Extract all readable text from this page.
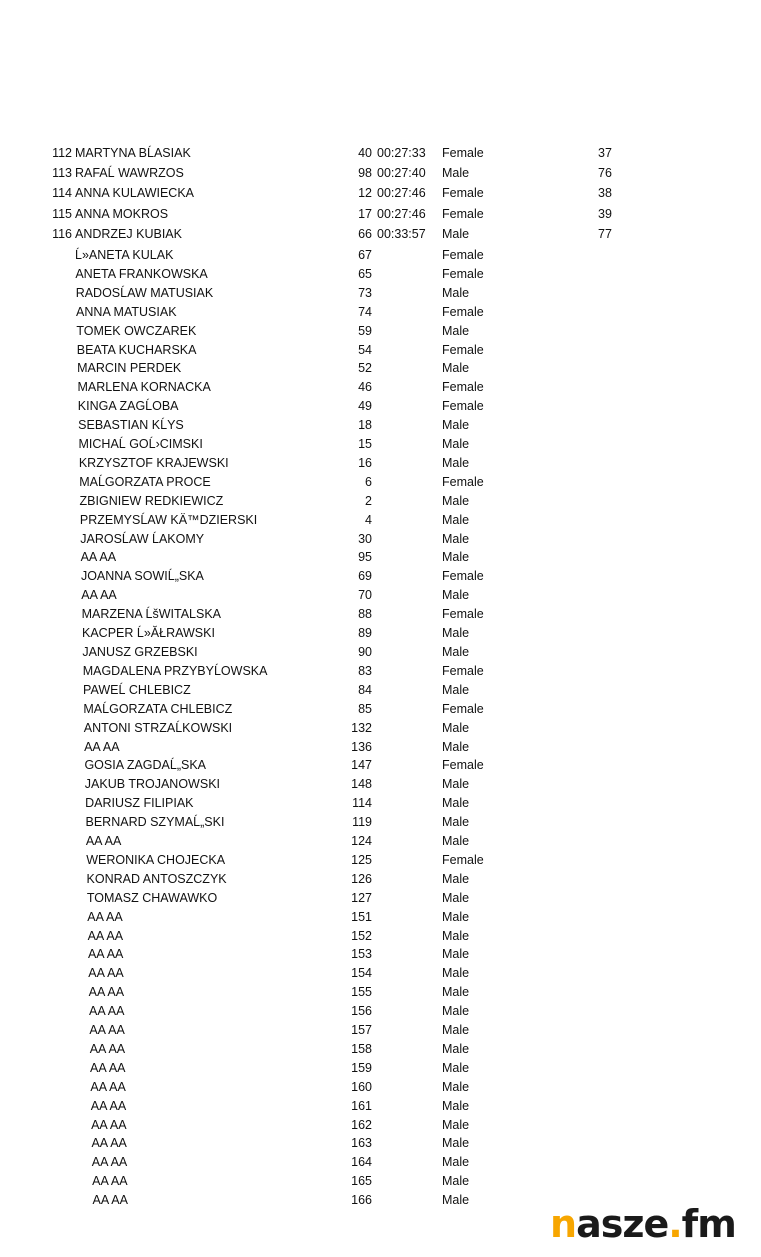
112 MARTYNA BĹASIAK	40 00:27:33 Female	37
113 RAFAĹ WAWRZOS	98 00:27:40 Male	76
114 ANNA KULAWIECKA	12 00:27:46 Female	38
115 ANNA MOKROS	17 00:27:46 Female	39
116 ANDRZEJ KUBIAK	66 00:33:57 Male	77
Ĺ»ANETA KULAK	67	Female
ANETA FRANKOWSKA	65	Female
RADOSĹAW MATUSIAK	73	Male
ANNA MATUSIAK	74	Female
TOMEK OWCZAREK	59	Male
BEATA KUCHARSKA	54	Female
MARCIN PERDEK	52	Male
MARLENA KORNACKA	46	Female
KINGA ZAGĹOBA	49	Female
SEBASTIAN KĹYS	18	Male
MICHAĹ GOĹ›CIMSKI	15	Male
KRZYSZTOF KRAJEWSKI	16	Male
MAĹGORZATA PROCE	6	Female
ZBIGNIEW REDKIEWICZ	2	Male
PRZEMYSĹAW KÄ™DZIERSKI	4	Male
JAROSĹAW ĹAKOMY	30	Male
AA AA	95	Male
JOANNA SOWIĹ„SKA	69	Female
AA AA	70	Male
MARZENA ĹšWITALSKA	88	Female
KACPER Ĺ»ĂŁRAWSKI	89	Male
JANUSZ GRZEBSKI	90	Male
MAGDALENA PRZYBYĹOWSKA	83	Female
PAWEĹ CHLEBICZ	84	Male
MAĹGORZATA CHLEBICZ	85	Female
ANTONI STRZAĹKOWSKI	132	Male
AA AA	136	Male
GOSIA ZAGDAĹ„SKA	147	Female
JAKUB TROJANOWSKI	148	Male
DARIUSZ FILIPIAK	114	Male
BERNARD SZYMAĹ„SKI	119	Male
AA AA	124	Male
WERONIKA CHOJECKA	125	Female
KONRAD ANTOSZCZYK	126	Male
TOMASZ CHAWAWKO	127	Male
AA AA	151	Male
AA AA	152	Male
AA AA	153	Male
AA AA	154	Male
AA AA	155	Male
AA AA	156	Male
AA AA	157	Male
AA AA	158	Male
AA AA	159	Male
AA AA	160	Male
AA AA	161	Male
AA AA	162	Male
AA AA	163	Male
AA AA	164	Male
AA AA	165	Male
AA AA	166	Male
nasze.fm
